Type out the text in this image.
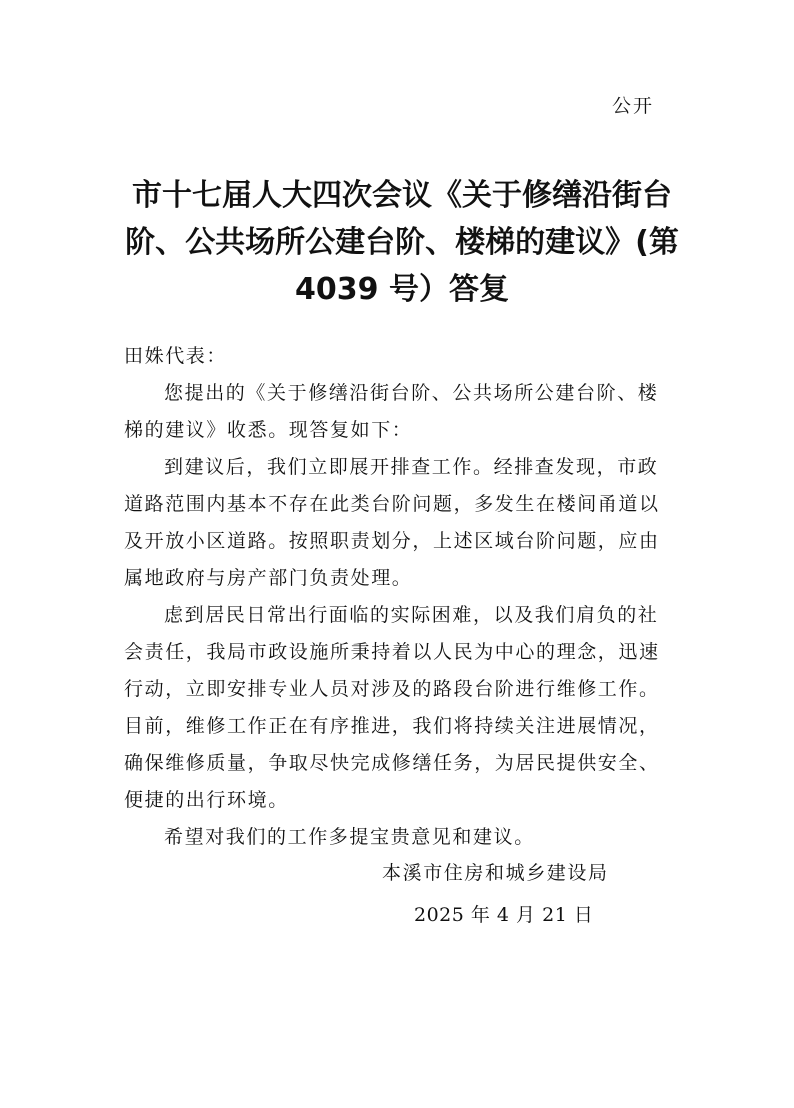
公开
市十七届人大四次会议《关于修缮沿街台阶、公共场所公建台阶、楼梯的建议》(第 4039 号）答复

田姝代表：

您提出的《关于修缮沿街台阶、公共场所公建台阶、楼梯的建议》收悉。现答复如下：

到建议后，我们立即展开排查工作。经排查发现，市政道路范围内基本不存在此类台阶问题，多发生在楼间甬道以及开放小区道路。按照职责划分，上述区域台阶问题，应由属地政府与房产部门负责处理。

虑到居民日常出行面临的实际困难，以及我们肩负的社会责任，我局市政设施所秉持着以人民为中心的理念，迅速行动，立即安排专业人员对涉及的路段台阶进行维修工作。目前，维修工作正在有序推进，我们将持续关注进展情况，确保维修质量，争取尽快完成修缮任务，为居民提供安全、便捷的出行环境。

希望对我们的工作多提宝贵意见和建议。

本溪市住房和城乡建设局
2025 年 4 月 21 日
